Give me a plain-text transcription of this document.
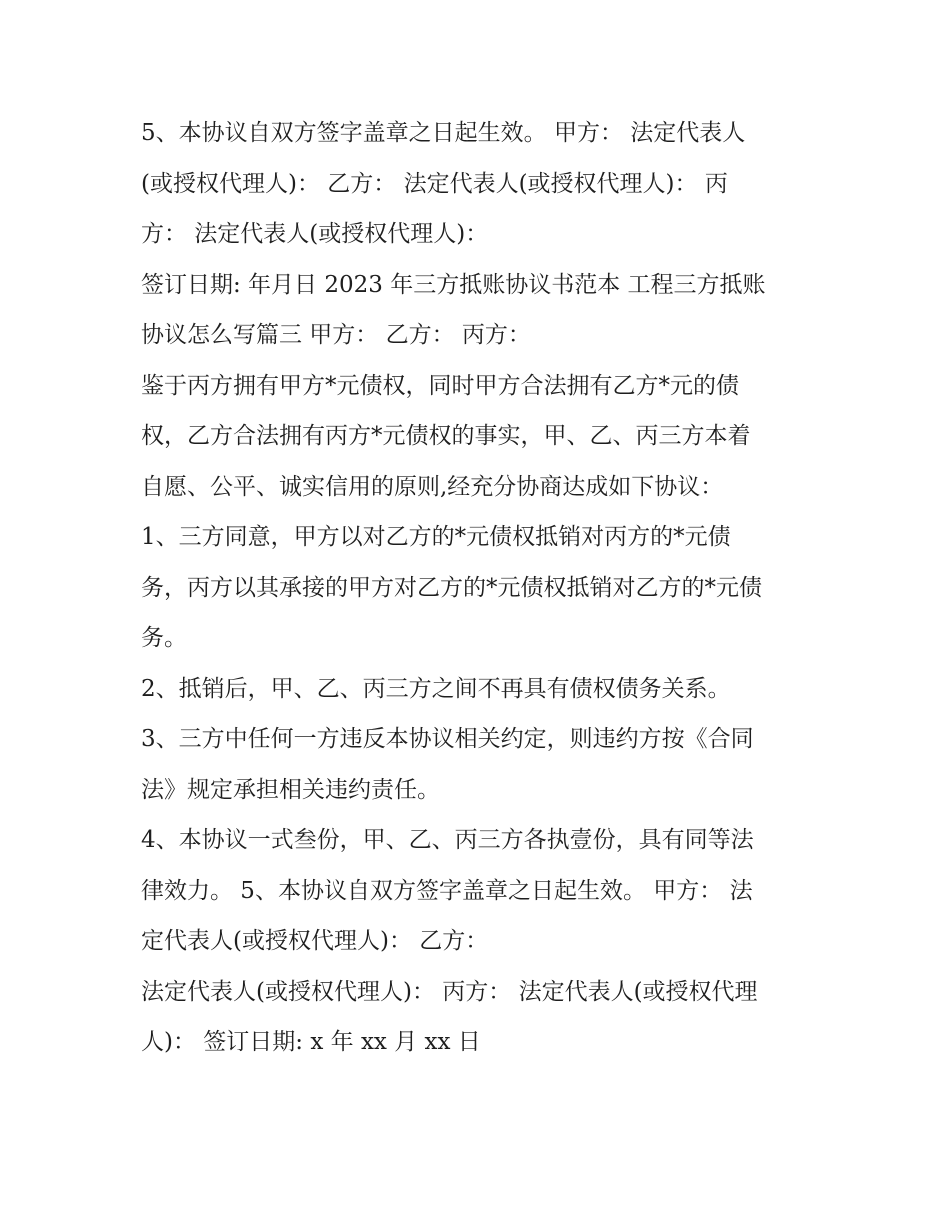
5、本协议自双方签字盖章之日起生效。 甲方： 法定代表人
(或授权代理人)： 乙方： 法定代表人(或授权代理人)： 丙
方： 法定代表人(或授权代理人)：
签订日期: 年月日 2023 年三方抵账协议书范本 工程三方抵账
协议怎么写篇三 甲方： 乙方： 丙方：
鉴于丙方拥有甲方*元债权，同时甲方合法拥有乙方*元的债
权，乙方合法拥有丙方*元债权的事实，甲、乙、丙三方本着
自愿、公平、诚实信用的原则,经充分协商达成如下协议：
1、三方同意，甲方以对乙方的*元债权抵销对丙方的*元债
务，丙方以其承接的甲方对乙方的*元债权抵销对乙方的*元债
务。
2、抵销后，甲、乙、丙三方之间不再具有债权债务关系。
3、三方中任何一方违反本协议相关约定，则违约方按《合同
法》规定承担相关违约责任。
4、本协议一式叁份，甲、乙、丙三方各执壹份，具有同等法
律效力。 5、本协议自双方签字盖章之日起生效。 甲方： 法
定代表人(或授权代理人)： 乙方：
法定代表人(或授权代理人)： 丙方： 法定代表人(或授权代理
人)： 签订日期: x 年 xx 月 xx 日
